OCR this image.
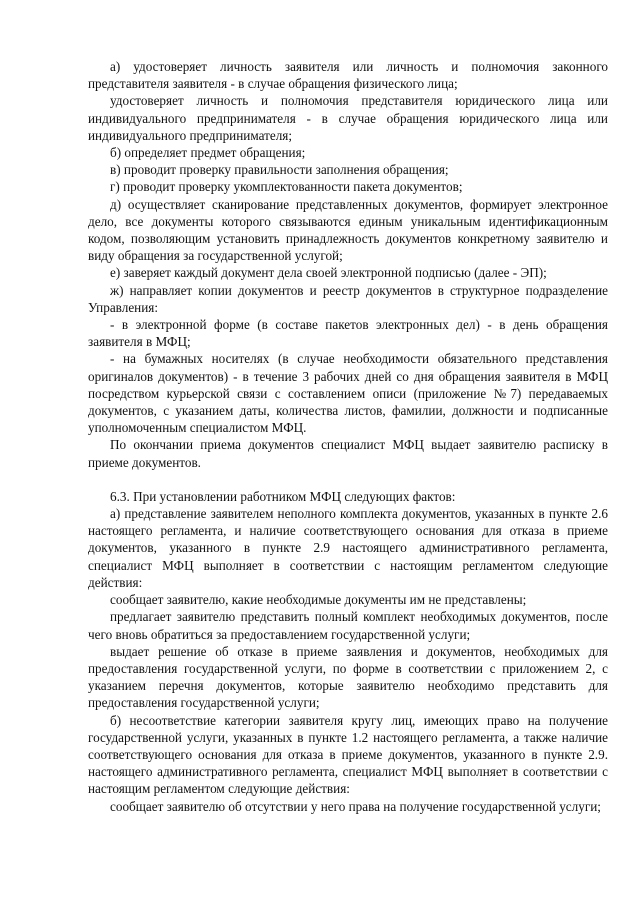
а) удостоверяет личность заявителя или личность и полномочия законного представителя заявителя - в случае обращения физического лица;

удостоверяет личность и полномочия представителя юридического лица или индивидуального предпринимателя - в случае обращения юридического лица или индивидуального предпринимателя;

б) определяет предмет обращения;

в) проводит проверку правильности заполнения обращения;

г) проводит проверку укомплектованности пакета документов;

д) осуществляет сканирование представленных документов, формирует электронное дело, все документы которого связываются единым уникальным идентификационным кодом, позволяющим установить принадлежность документов конкретному заявителю и виду обращения за государственной услугой;

е) заверяет каждый документ дела своей электронной подписью (далее - ЭП);

ж) направляет копии документов и реестр документов в структурное подразделение Управления:

- в электронной форме (в составе пакетов электронных дел) - в день обращения заявителя в МФЦ;

- на бумажных носителях (в случае необходимости обязательного представления оригиналов документов) - в течение 3 рабочих дней со дня обращения заявителя в МФЦ посредством курьерской связи с составлением описи (приложение №7) передаваемых документов, с указанием даты, количества листов, фамилии, должности и подписанные уполномоченным специалистом МФЦ.

По окончании приема документов специалист МФЦ выдает заявителю расписку в приеме документов.

6.3. При установлении работником МФЦ следующих фактов:

а) представление заявителем неполного комплекта документов, указанных в пункте 2.6 настоящего регламента, и наличие соответствующего основания для отказа в приеме документов, указанного в пункте 2.9 настоящего административного регламента, специалист МФЦ выполняет в соответствии с настоящим регламентом следующие действия:

сообщает заявителю, какие необходимые документы им не представлены;

предлагает заявителю представить полный комплект необходимых документов, после чего вновь обратиться за предоставлением государственной услуги;

выдает решение об отказе в приеме заявления и документов, необходимых для предоставления государственной услуги, по форме в соответствии с приложением 2, с указанием перечня документов, которые заявителю необходимо представить для предоставления государственной услуги;

б) несоответствие категории заявителя кругу лиц, имеющих право на получение государственной услуги, указанных в пункте 1.2 настоящего регламента, а также наличие соответствующего основания для отказа в приеме документов, указанного в пункте 2.9. настоящего административного регламента, специалист МФЦ выполняет в соответствии с настоящим регламентом следующие действия:

сообщает заявителю об отсутствии у него права на получение государственной услуги;
